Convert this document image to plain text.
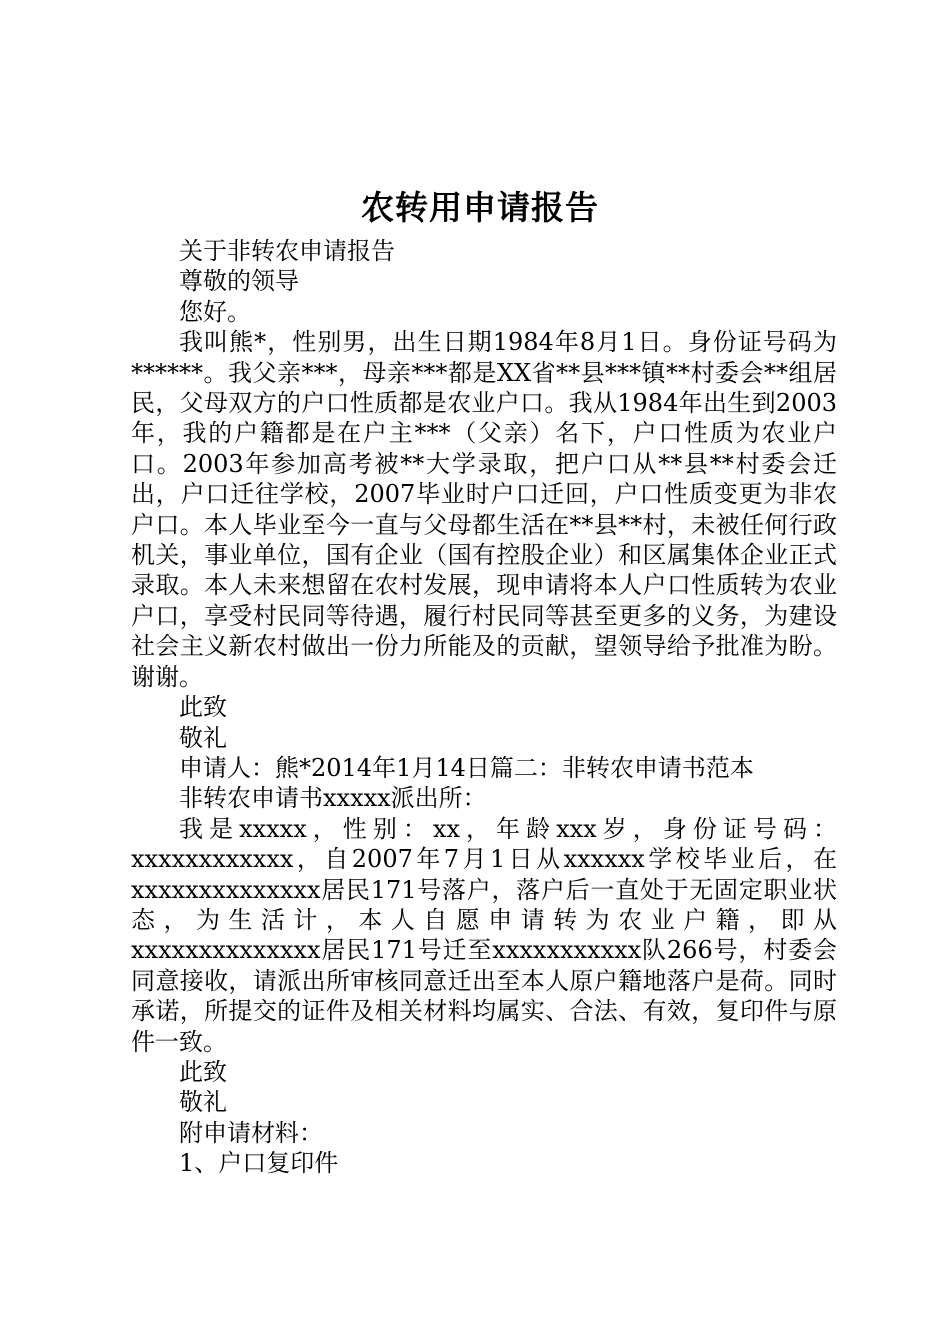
农转用申请报告

关于非转农申请报告

尊敬的领导

您好。

我叫熊*，性别男，出生日期1984年8月1日。身份证号码为******。我父亲***，母亲***都是XX省**县***镇**村委会**组居民，父母双方的户口性质都是农业户口。我从1984年出生到2003年，我的户籍都是在户主***（父亲）名下，户口性质为农业户口。2003年参加高考被**大学录取，把户口从**县**村委会迁出，户口迁往学校，2007毕业时户口迁回，户口性质变更为非农户口。本人毕业至今一直与父母都生活在**县**村，未被任何行政机关，事业单位，国有企业（国有控股企业）和区属集体企业正式录取。本人未来想留在农村发展，现申请将本人户口性质转为农业户口，享受村民同等待遇，履行村民同等甚至更多的义务，为建设社会主义新农村做出一份力所能及的贡献，望领导给予批准为盼。谢谢。

此致

敬礼

申请人：熊*2014年1月14日篇二：非转农申请书范本

非转农申请书xxxxx派出所：

我是xxxxx，性别：xx，年龄xxx岁，身份证号码：xxxxxxxxxxxx，自2007年7月1日从xxxxxx学校毕业后，在xxxxxxxxxxxxxx居民171号落户，落户后一直处于无固定职业状态，为生活计，本人自愿申请转为农业户籍，即从xxxxxxxxxxxxxx居民171号迁至xxxxxxxxxxx队266号，村委会同意接收，请派出所审核同意迁出至本人原户籍地落户是荷。同时承诺，所提交的证件及相关材料均属实、合法、有效，复印件与原件一致。

此致

敬礼

附申请材料：

1、户口复印件
